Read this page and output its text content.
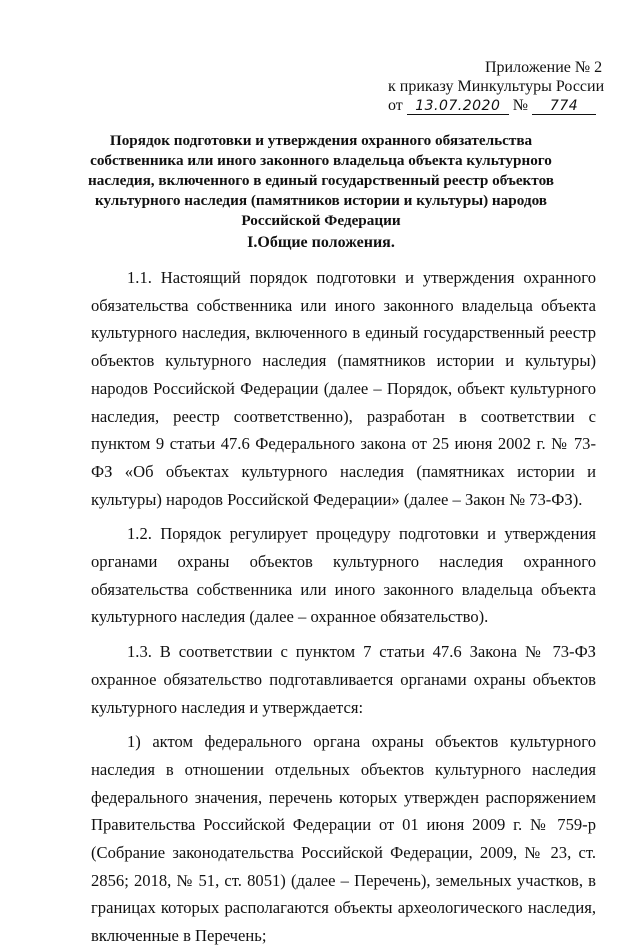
Приложение № 2
к приказу Минкультуры России
от 13.07.2020 № 774
Порядок подготовки и утверждения охранного обязательства собственника или иного законного владельца объекта культурного наследия, включенного в единый государственный реестр объектов культурного наследия (памятников истории и культуры) народов Российской Федерации
I.Общие положения.

1.1. Настоящий порядок подготовки и утверждения охранного обязательства собственника или иного законного владельца объекта культурного наследия, включенного в единый государственный реестр объектов культурного наследия (памятников истории и культуры) народов Российской Федерации (далее – Порядок, объект культурного наследия, реестр соответственно), разработан в соответствии с пунктом 9 статьи 47.6 Федерального закона от 25 июня 2002 г. № 73-ФЗ «Об объектах культурного наследия (памятниках истории и культуры) народов Российской Федерации» (далее – Закон № 73-ФЗ).

1.2. Порядок регулирует процедуру подготовки и утверждения органами охраны объектов культурного наследия охранного обязательства собственника или иного законного владельца объекта культурного наследия (далее – охранное обязательство).

1.3. В соответствии с пунктом 7 статьи 47.6 Закона № 73-ФЗ охранное обязательство подготавливается органами охраны объектов культурного наследия и утверждается:

1) актом федерального органа охраны объектов культурного наследия в отношении отдельных объектов культурного наследия федерального значения, перечень которых утвержден распоряжением Правительства Российской Федерации от 01 июня 2009 г. № 759-р (Собрание законодательства Российской Федерации, 2009, № 23, ст. 2856; 2018, № 51, ст. 8051) (далее – Перечень), земельных участков, в границах которых располагаются объекты археологического наследия, включенные в Перечень;
